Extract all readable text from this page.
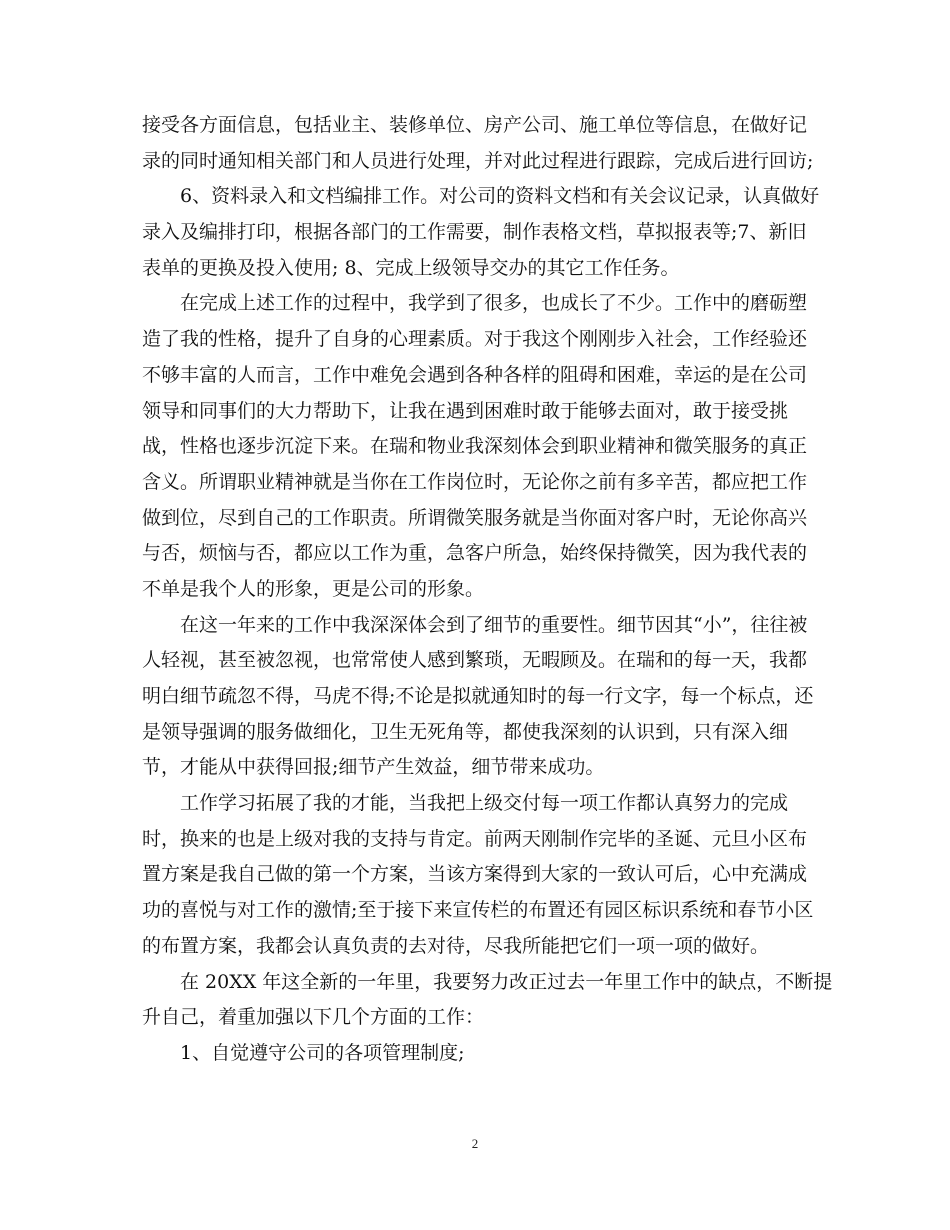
接受各方面信息，包括业主、装修单位、房产公司、施工单位等信息，在做好记
录的同时通知相关部门和人员进行处理，并对此过程进行跟踪，完成后进行回访;
　　6、资料录入和文档编排工作。对公司的资料文档和有关会议记录，认真做好
录入及编排打印，根据各部门的工作需要，制作表格文档，草拟报表等;7、新旧
表单的更换及投入使用; 8、完成上级领导交办的其它工作任务。
　　在完成上述工作的过程中，我学到了很多，也成长了不少。工作中的磨砺塑
造了我的性格，提升了自身的心理素质。对于我这个刚刚步入社会，工作经验还
不够丰富的人而言，工作中难免会遇到各种各样的阻碍和困难，幸运的是在公司
领导和同事们的大力帮助下，让我在遇到困难时敢于能够去面对，敢于接受挑
战，性格也逐步沉淀下来。在瑞和物业我深刻体会到职业精神和微笑服务的真正
含义。所谓职业精神就是当你在工作岗位时，无论你之前有多辛苦，都应把工作
做到位，尽到自己的工作职责。所谓微笑服务就是当你面对客户时，无论你高兴
与否，烦恼与否，都应以工作为重，急客户所急，始终保持微笑，因为我代表的
不单是我个人的形象，更是公司的形象。
　　在这一年来的工作中我深深体会到了细节的重要性。细节因其“小”，往往被
人轻视，甚至被忽视，也常常使人感到繁琐，无暇顾及。在瑞和的每一天，我都
明白细节疏忽不得，马虎不得;不论是拟就通知时的每一行文字，每一个标点，还
是领导强调的服务做细化，卫生无死角等，都使我深刻的认识到，只有深入细
节，才能从中获得回报;细节产生效益，细节带来成功。
　　工作学习拓展了我的才能，当我把上级交付每一项工作都认真努力的完成
时，换来的也是上级对我的支持与肯定。前两天刚制作完毕的圣诞、元旦小区布
置方案是我自己做的第一个方案，当该方案得到大家的一致认可后，心中充满成
功的喜悦与对工作的激情;至于接下来宣传栏的布置还有园区标识系统和春节小区
的布置方案，我都会认真负责的去对待，尽我所能把它们一项一项的做好。
　　在 20XX 年这全新的一年里，我要努力改正过去一年里工作中的缺点，不断提
升自己，着重加强以下几个方面的工作：
　　1、自觉遵守公司的各项管理制度;
2
